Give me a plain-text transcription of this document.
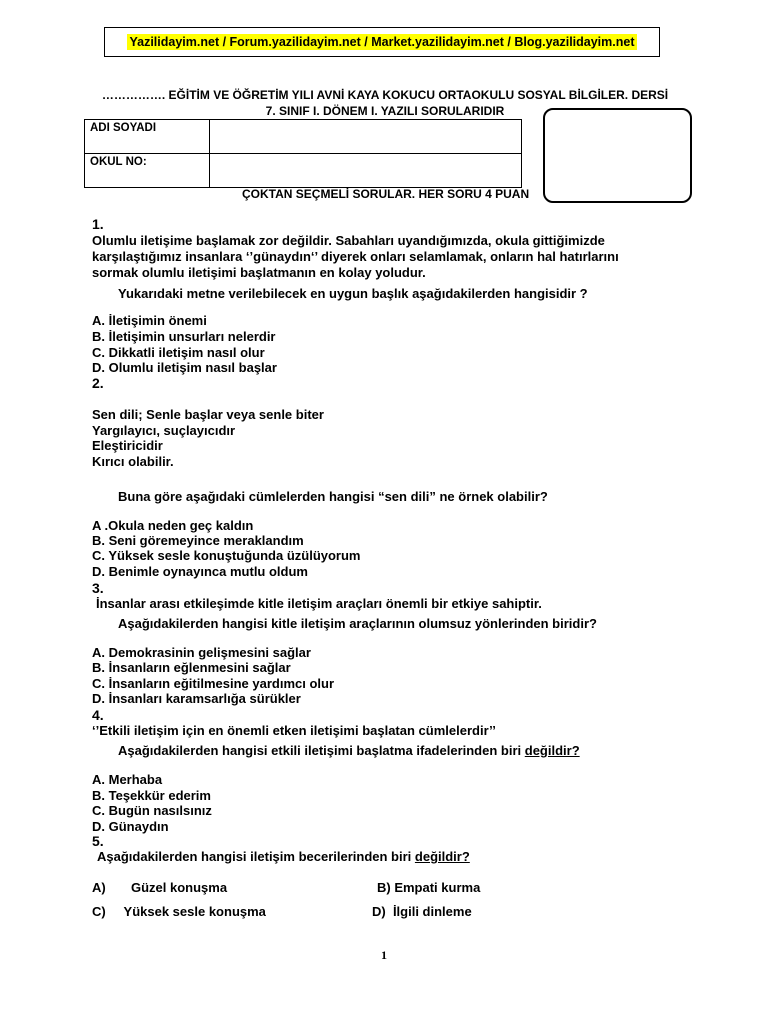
Yazilidayim.net / Forum.yazilidayim.net / Market.yazilidayim.net / Blog.yazilidayim.net
……………. EĞİTİM VE ÖĞRETİM YILI AVNİ KAYA KOKUCU ORTAOKULU SOSYAL BİLGİLER. DERSİ
7. SINIF I. DÖNEM I. YAZILI SORULARIDIR
ADI SOYADI	
OKUL NO:	
ÇOKTAN SEÇMELİ SORULAR. HER SORU 4 PUAN
1.
Olumlu iletişime başlamak zor değildir. Sabahları uyandığımızda, okula gittiğimizde
karşılaştığımız insanlara ‘’günaydın‘’ diyerek onları selamlamak, onların hal hatırlarını
sormak olumlu iletişimi başlatmanın en kolay yoludur.
Yukarıdaki metne verilebilecek en uygun başlık aşağıdakilerden hangisidir ?
A. İletişimin önemi
B. İletişimin unsurları nelerdir
C. Dikkatli iletişim nasıl olur
D. Olumlu iletişim nasıl başlar
2.
Sen dili; Senle başlar veya senle biter
Yargılayıcı, suçlayıcıdır
Eleştiricidir
Kırıcı olabilir.
Buna göre aşağıdaki cümlelerden hangisi “sen dili” ne örnek olabilir?
A .Okula neden geç kaldın
B. Seni göremeyince meraklandım
C. Yüksek sesle konuştuğunda üzülüyorum
D. Benimle oynayınca mutlu oldum
3.
İnsanlar arası etkileşimde kitle iletişim araçları önemli bir etkiye sahiptir.
Aşağıdakilerden hangisi kitle iletişim araçlarının olumsuz yönlerinden biridir?
A. Demokrasinin gelişmesini sağlar
B. İnsanların eğlenmesini sağlar
C. İnsanların eğitilmesine yardımcı olur
D. İnsanları karamsarlığa sürükler
4.
‘’Etkili iletişim için en önemli etken iletişimi başlatan cümlelerdir’’
Aşağıdakilerden hangisi etkili iletişimi başlatma ifadelerinden biri değildir?
A. Merhaba
B. Teşekkür ederim
C. Bugün nasılsınız
D. Günaydın
5.
Aşağıdakilerden hangisi iletişim becerilerinden biri değildir?
A)       Güzel konuşma	B) Empati kurma
C)     Yüksek sesle konuşma	D)  İlgili dinleme
1
